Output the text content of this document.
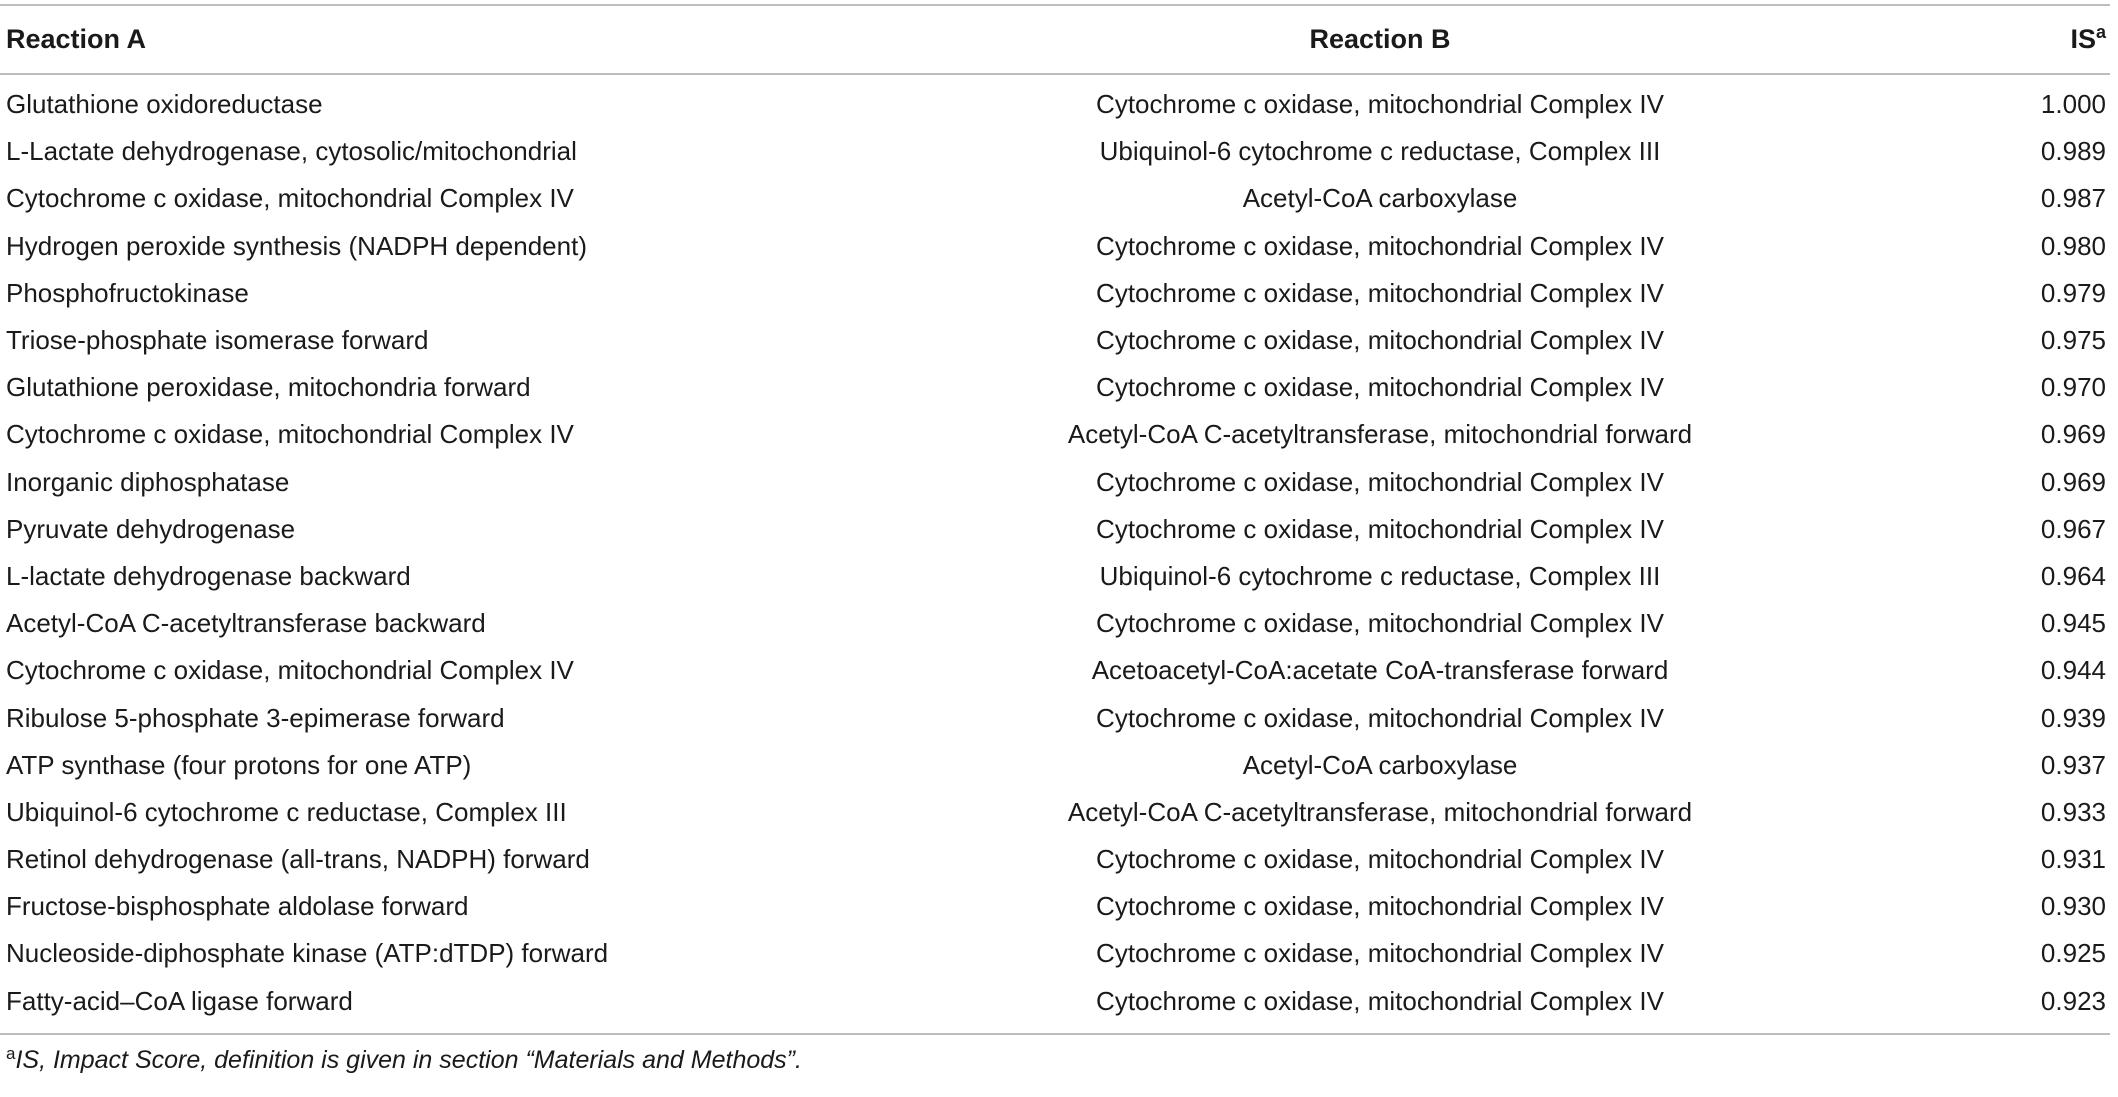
Reaction A	Reaction B	$IS^a$
Glutathione oxidoreductase	Cytochrome c oxidase, mitochondrial Complex IV	1.000
L-Lactate dehydrogenase, cytosolic/mitochondrial	Ubiquinol-6 cytochrome c reductase, Complex III	0.989
Cytochrome c oxidase, mitochondrial Complex IV	Acetyl-CoA carboxylase	0.987
Hydrogen peroxide synthesis (NADPH dependent)	Cytochrome c oxidase, mitochondrial Complex IV	0.980
Phosphofructokinase	Cytochrome c oxidase, mitochondrial Complex IV	0.979
Triose-phosphate isomerase forward	Cytochrome c oxidase, mitochondrial Complex IV	0.975
Glutathione peroxidase, mitochondria forward	Cytochrome c oxidase, mitochondrial Complex IV	0.970
Cytochrome c oxidase, mitochondrial Complex IV	Acetyl-CoA C-acetyltransferase, mitochondrial forward	0.969
Inorganic diphosphatase	Cytochrome c oxidase, mitochondrial Complex IV	0.969
Pyruvate dehydrogenase	Cytochrome c oxidase, mitochondrial Complex IV	0.967
L-lactate dehydrogenase backward	Ubiquinol-6 cytochrome c reductase, Complex III	0.964
Acetyl-CoA C-acetyltransferase backward	Cytochrome c oxidase, mitochondrial Complex IV	0.945
Cytochrome c oxidase, mitochondrial Complex IV	Acetoacetyl-CoA:acetate CoA-transferase forward	0.944
Ribulose 5-phosphate 3-epimerase forward	Cytochrome c oxidase, mitochondrial Complex IV	0.939
ATP synthase (four protons for one ATP)	Acetyl-CoA carboxylase	0.937
Ubiquinol-6 cytochrome c reductase, Complex III	Acetyl-CoA C-acetyltransferase, mitochondrial forward	0.933
Retinol dehydrogenase (all-trans, NADPH) forward	Cytochrome c oxidase, mitochondrial Complex IV	0.931
Fructose-bisphosphate aldolase forward	Cytochrome c oxidase, mitochondrial Complex IV	0.930
Nucleoside-diphosphate kinase (ATP:dTDP) forward	Cytochrome c oxidase, mitochondrial Complex IV	0.925
Fatty-acid–CoA ligase forward	Cytochrome c oxidase, mitochondrial Complex IV	0.923
$^a$IS, Impact Score, definition is given in section “Materials and Methods”.		
